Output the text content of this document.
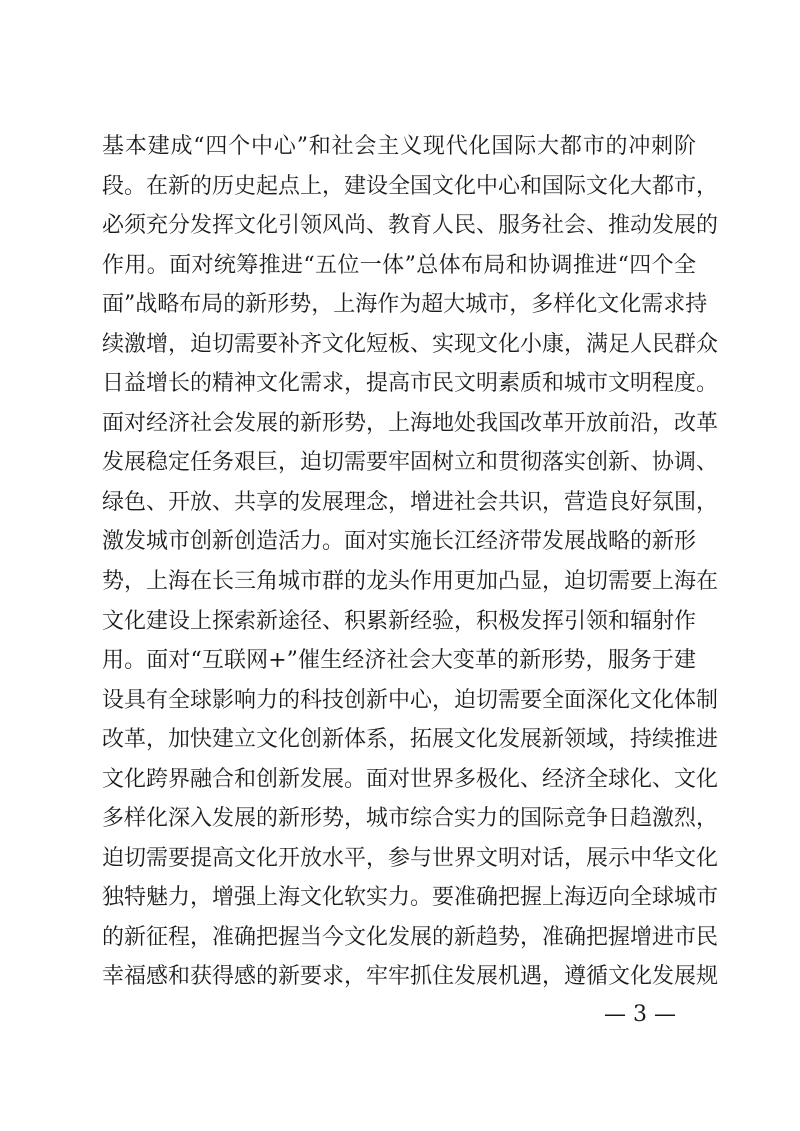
基本建成“四个中心”和社会主义现代化国际大都市的冲刺阶
段。在新的历史起点上，建设全国文化中心和国际文化大都市，
必须充分发挥文化引领风尚、教育人民、服务社会、推动发展的
作用。面对统筹推进“五位一体”总体布局和协调推进“四个全
面”战略布局的新形势，上海作为超大城市，多样化文化需求持
续激增，迫切需要补齐文化短板、实现文化小康，满足人民群众
日益增长的精神文化需求，提高市民文明素质和城市文明程度。
面对经济社会发展的新形势，上海地处我国改革开放前沿，改革
发展稳定任务艰巨，迫切需要牢固树立和贯彻落实创新、协调、
绿色、开放、共享的发展理念，增进社会共识，营造良好氛围，
激发城市创新创造活力。面对实施长江经济带发展战略的新形
势，上海在长三角城市群的龙头作用更加凸显，迫切需要上海在
文化建设上探索新途径、积累新经验，积极发挥引领和辐射作
用。面对“互联网+”催生经济社会大变革的新形势，服务于建
设具有全球影响力的科技创新中心，迫切需要全面深化文化体制
改革，加快建立文化创新体系，拓展文化发展新领域，持续推进
文化跨界融合和创新发展。面对世界多极化、经济全球化、文化
多样化深入发展的新形势，城市综合实力的国际竞争日趋激烈，
迫切需要提高文化开放水平，参与世界文明对话，展示中华文化
独特魅力，增强上海文化软实力。要准确把握上海迈向全球城市
的新征程，准确把握当今文化发展的新趋势，准确把握增进市民
幸福感和获得感的新要求，牢牢抓住发展机遇，遵循文化发展规
— 3 —
